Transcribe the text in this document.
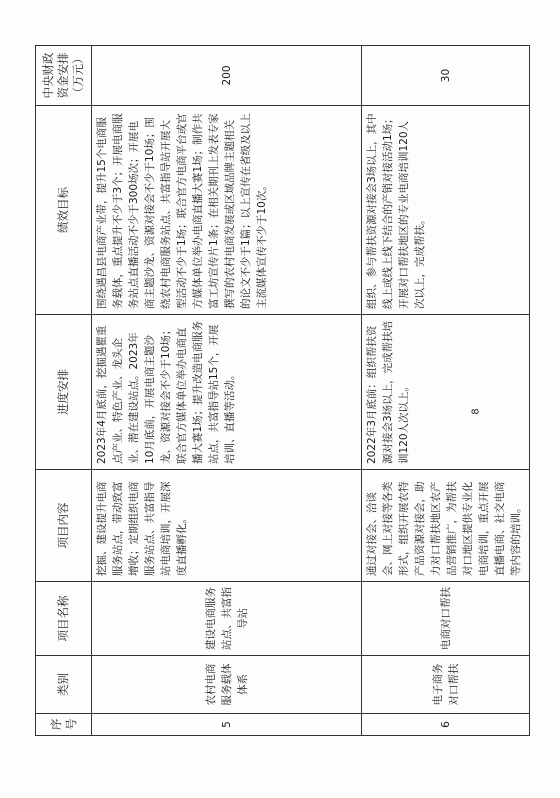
序号	类别	项目名称	项目内容	进度安排	绩效目标	中央财政资金安排（万元）
5	农村电商服务载体体系	建设电商服务站点、共富指导站	挖掘、建设提升电商服务站点，带动致富增收；定期组织电商服务站点、共富指导站电商培训，开展深度直播孵化。	2023年4月底前，挖掘遇瞿重点产业、特色产业、龙头企业、潜在建设站点。2023年10月底前，开展电商主题沙龙、资源对接会不少于10场；联合官方媒体单位举办电商直播大赛1场；提升改造电商服务站点，共富指导站15个，开展培训、直播等活动。	围绕遇昌县电商产业带，提升15个电商服务载体，重点提升不少于3个；开展电商服务站点直播活动不少于300场次；开展电商主题沙龙、资源对接会不少于10场；围绕农村电商服务站点、共富指导站开展大型活动不少于1场；联合官方电商平台或官方媒体单位举办电商直播大赛1场；制作共富工坊宣传片1条；在相关期刊上发表专家撰写的农村电商发展或区域品牌主题相关的论文不少于1篇；以上宣传在省级及以上主流媒体宣传不少于10次。	200
6	电子商务对口帮扶	电商对口帮扶	通过对接会、洽谈会、网上对接等各类形式，组织开展农特产品资源对接会，助力对口帮扶地区农产品营销推广，为帮扶对口地区提供专业化电商培训，重点开展直播电商、社交电商等内容的培训。	2022年3月底前：组织帮扶资源对接会3场以上，完成帮扶培训120人次以上。	组织、参与帮扶资源对接会3场以上，其中线上或线上线下结合的产销对接活动1场；开展对口帮扶地区的专业电商培训120人次以上，完成帮扶。	30
8
